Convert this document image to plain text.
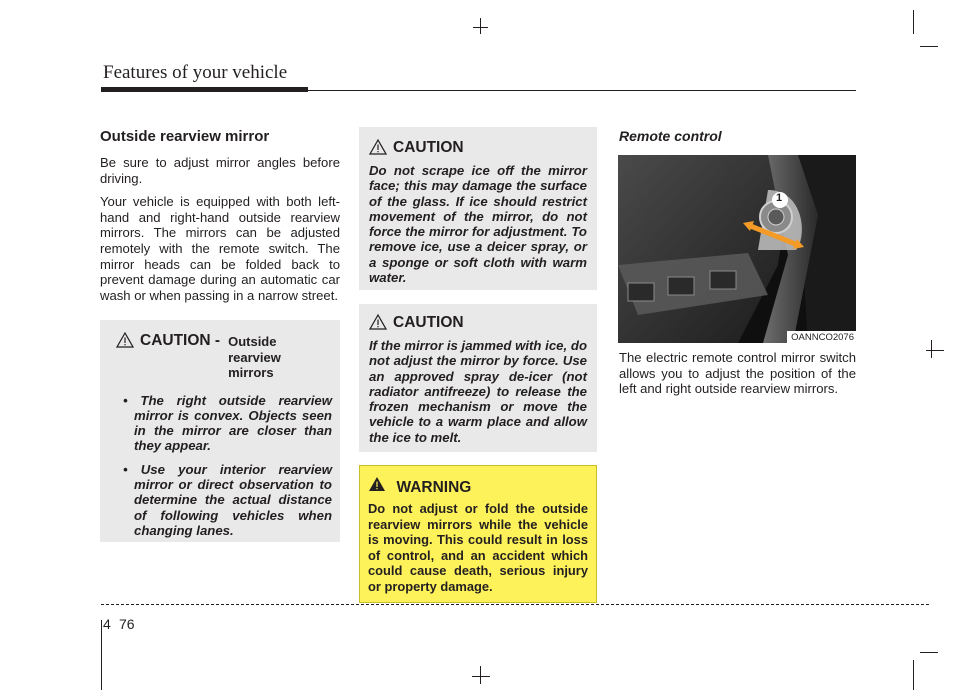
Features of your vehicle
Outside rearview mirror

Be sure to adjust mirror angles before driving.

Your vehicle is equipped with both left-hand and right-hand outside rearview mirrors. The mirrors can be adjusted remotely with the remote switch. The mirror heads can be folded back to prevent damage during an automatic car wash or when passing in a narrow street.

CAUTION - Outside rearview mirrors
• The right outside rearview mirror is convex. Objects seen in the mirror are closer than they appear.
• Use your interior rearview mirror or direct observation to determine the actual distance of following vehicles when changing lanes.
CAUTION

Do not scrape ice off the mirror face; this may damage the surface of the glass. If ice should restrict movement of the mirror, do not force the mirror for adjustment. To remove ice, use a deicer spray, or a sponge or soft cloth with warm water.

CAUTION

If the mirror is jammed with ice, do not adjust the mirror by force. Use an approved spray de-icer (not radiator antifreeze) to release the frozen mechanism or move the vehicle to a warm place and allow the ice to melt.

WARNING

Do not adjust or fold the outside rearview mirrors while the vehicle is moving. This could result in loss of control, and an accident which could cause death, serious injury or property damage.

Remote control
1
OANNCO2076

The electric remote control mirror switch allows you to adjust the position of the left and right outside rearview mirrors.

4 76
